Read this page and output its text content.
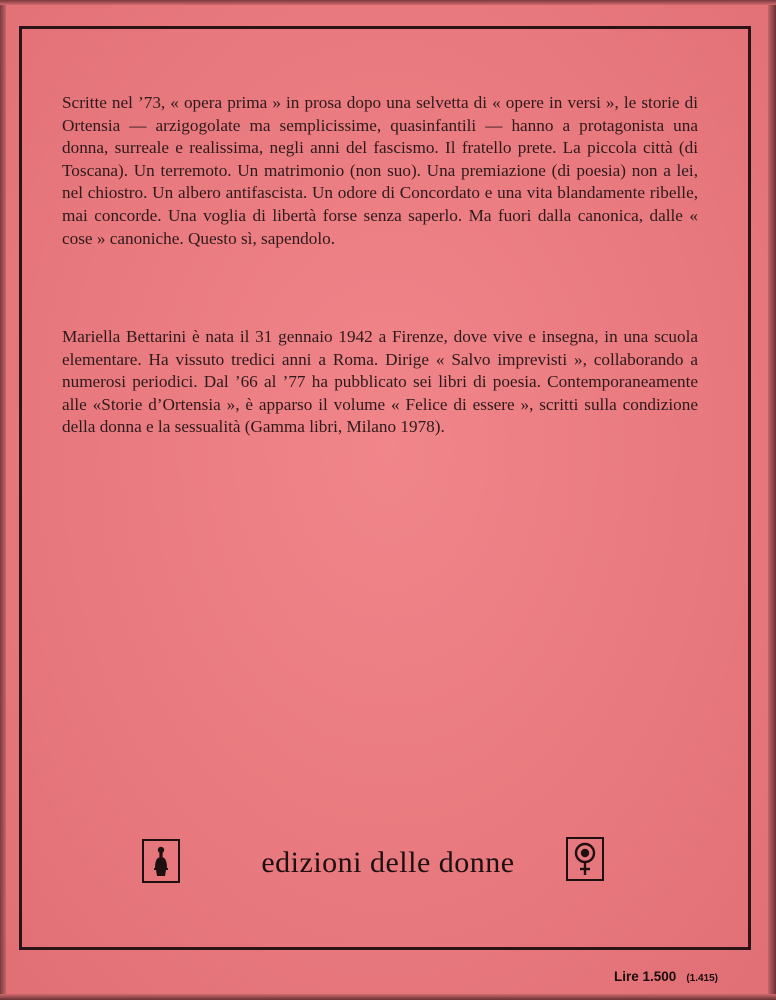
Scritte nel ’73, « opera prima » in prosa dopo una selvetta di « opere in versi », le storie di Ortensia — arzigogolate ma semplicissime, quasinfantili — hanno a protagonista una donna, surreale e realissima, negli anni del fascismo. Il fratello prete. La piccola città (di Toscana). Un terremoto. Un matrimonio (non suo). Una premiazione (di poesia) non a lei, nel chiostro. Un albero antifascista. Un odore di Concordato e una vita blandamente ribelle, mai concorde. Una voglia di libertà forse senza saperlo. Ma fuori dalla canonica, dalle « cose » canoniche. Questo sì, sapendolo.

Mariella Bettarini è nata il 31 gennaio 1942 a Firenze, dove vive e insegna, in una scuola elementare. Ha vissuto tredici anni a Roma. Dirige « Salvo imprevisti », collaborando a numerosi periodici. Dal ’66 al ’77 ha pubblicato sei libri di poesia. Contemporaneamente alle «Storie d’Ortensia », è apparso il volume « Felice di essere », scritti sulla condizione della donna e la sessualità (Gamma libri, Milano 1978).

edizioni delle donne
Lire 1.500 (1.415)
